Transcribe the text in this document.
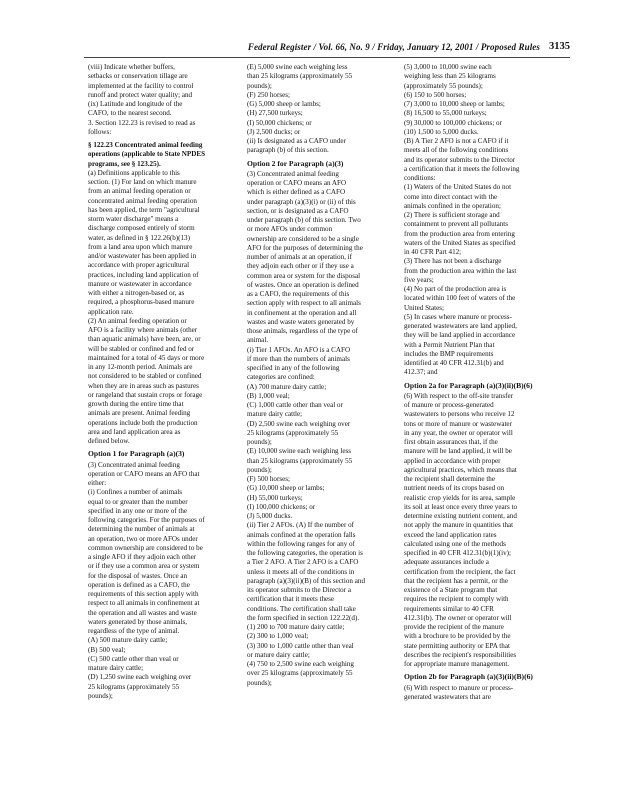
Federal Register / Vol. 66, No. 9 / Friday, January 12, 2001 / Proposed Rules 3135
(viii) Indicate whether buffers,
setbacks or conservation tillage are
implemented at the facility to control
runoff and protect water quality; and
(ix) Latitude and longitude of the
CAFO, to the nearest second.
3. Section 122.23 is revised to read as
follows:
§ 122.23 Concentrated animal feeding
operations (applicable to State NPDES
programs, see § 123.25).
(a) Definitions applicable to this
section. (1) For land on which manure
from an animal feeding operation or
concentrated animal feeding operation
has been applied, the term "agricultural
storm water discharge" means a
discharge composed entirely of storm
water, as defined in § 122.26(b)(13)
from a land area upon which manure
and/or wastewater has been applied in
accordance with proper agricultural
practices, including land application of
manure or wastewater in accordance
with either a nitrogen-based or, as
required, a phosphorus-based manure
application rate.
(2) An animal feeding operation or
AFO is a facility where animals (other
than aquatic animals) have been, are, or
will be stabled or confined and fed or
maintained for a total of 45 days or more
in any 12-month period. Animals are
not considered to be stabled or confined
when they are in areas such as pastures
or rangeland that sustain crops or forage
growth during the entire time that
animals are present. Animal feeding
operations include both the production
area and land application area as
defined below.
Option 1 for Paragraph (a)(3)
(3) Concentrated animal feeding
operation or CAFO means an AFO that
either:
(i) Confines a number of animals
equal to or greater than the number
specified in any one or more of the
following categories. For the purposes of
determining the number of animals at
an operation, two or more AFOs under
common ownership are considered to be
a single AFO if they adjoin each other
or if they use a common area or system
for the disposal of wastes. Once an
operation is defined as a CAFO, the
requirements of this section apply with
respect to all animals in confinement at
the operation and all wastes and waste
waters generated by those animals,
regardless of the type of animal.
(A) 500 mature dairy cattle;
(B) 500 veal;
(C) 500 cattle other than veal or
mature dairy cattle;
(D) 1,250 swine each weighing over
25 kilograms (approximately 55
pounds);
(E) 5,000 swine each weighing less
than 25 kilograms (approximately 55
pounds);
(F) 250 horses;
(G) 5,000 sheep or lambs;
(H) 27,500 turkeys;
(I) 50,000 chickens; or
(J) 2,500 ducks; or
(ii) Is designated as a CAFO under
paragraph (b) of this section.
Option 2 for Paragraph (a)(3)
(3) Concentrated animal feeding
operation or CAFO means an AFO
which is either defined as a CAFO
under paragraph (a)(3)(i) or (ii) of this
section, or is designated as a CAFO
under paragraph (b) of this section. Two
or more AFOs under common
ownership are considered to be a single
AFO for the purposes of determining the
number of animals at an operation, if
they adjoin each other or if they use a
common area or system for the disposal
of wastes. Once an operation is defined
as a CAFO, the requirements of this
section apply with respect to all animals
in confinement at the operation and all
wastes and waste waters generated by
those animals, regardless of the type of
animal.
(i) Tier 1 AFOs. An AFO is a CAFO
if more than the numbers of animals
specified in any of the following
categories are confined:
(A) 700 mature dairy cattle;
(B) 1,000 veal;
(C) 1,000 cattle other than veal or
mature dairy cattle;
(D) 2,500 swine each weighing over
25 kilograms (approximately 55
pounds);
(E) 10,000 swine each weighing less
than 25 kilograms (approximately 55
pounds);
(F) 500 horses;
(G) 10,000 sheep or lambs;
(H) 55,000 turkeys;
(I) 100,000 chickens; or
(J) 5,000 ducks.
(ii) Tier 2 AFOs. (A) If the number of
animals confined at the operation falls
within the following ranges for any of
the following categories, the operation is
a Tier 2 AFO. A Tier 2 AFO is a CAFO
unless it meets all of the conditions in
paragraph (a)(3)(ii)(B) of this section and
its operator submits to the Director a
certification that it meets these
conditions. The certification shall take
the form specified in section 122.22(d).
(1) 200 to 700 mature dairy cattle;
(2) 300 to 1,000 veal;
(3) 300 to 1,000 cattle other than veal
or mature dairy cattle;
(4) 750 to 2,500 swine each weighing
over 25 kilograms (approximately 55
pounds);
(5) 3,000 to 10,000 swine each
weighing less than 25 kilograms
(approximately 55 pounds);
(6) 150 to 500 horses;
(7) 3,000 to 10,000 sheep or lambs;
(8) 16,500 to 55,000 turkeys;
(9) 30,000 to 100,000 chickens; or
(10) 1,500 to 5,000 ducks.
(B) A Tier 2 AFO is not a CAFO if it
meets all of the following conditions
and its operator submits to the Director
a certification that it meets the following
conditions:
(1) Waters of the United States do not
come into direct contact with the
animals confined in the operation;
(2) There is sufficient storage and
containment to prevent all pollutants
from the production area from entering
waters of the United States as specified
in 40 CFR Part 412;
(3) There has not been a discharge
from the production area within the last
five years;
(4) No part of the production area is
located within 100 feet of waters of the
United States;
(5) In cases where manure or process-
generated wastewaters are land applied,
they will be land applied in accordance
with a Permit Nutrient Plan that
includes the BMP requirements
identified at 40 CFR 412.31(b) and
412.37; and
Option 2a for Paragraph (a)(3)(ii)(B)(6)
(6) With respect to the off-site transfer
of manure or process-generated
wastewaters to persons who receive 12
tons or more of manure or wastewater
in any year, the owner or operator will
first obtain assurances that, if the
manure will be land applied, it will be
applied in accordance with proper
agricultural practices, which means that
the recipient shall determine the
nutrient needs of its crops based on
realistic crop yields for its area, sample
its soil at least once every three years to
determine existing nutrient content, and
not apply the manure in quantities that
exceed the land application rates
calculated using one of the methods
specified in 40 CFR 412.31(b)(1)(iv);
adequate assurances include a
certification from the recipient, the fact
that the recipient has a permit, or the
existence of a State program that
requires the recipient to comply with
requirements similar to 40 CFR
412.31(b). The owner or operator will
provide the recipient of the manure
with a brochure to be provided by the
state permitting authority or EPA that
describes the recipient's responsibilities
for appropriate manure management.
Option 2b for Paragraph (a)(3)(ii)(B)(6)
(6) With respect to manure or process-
generated wastewaters that are
